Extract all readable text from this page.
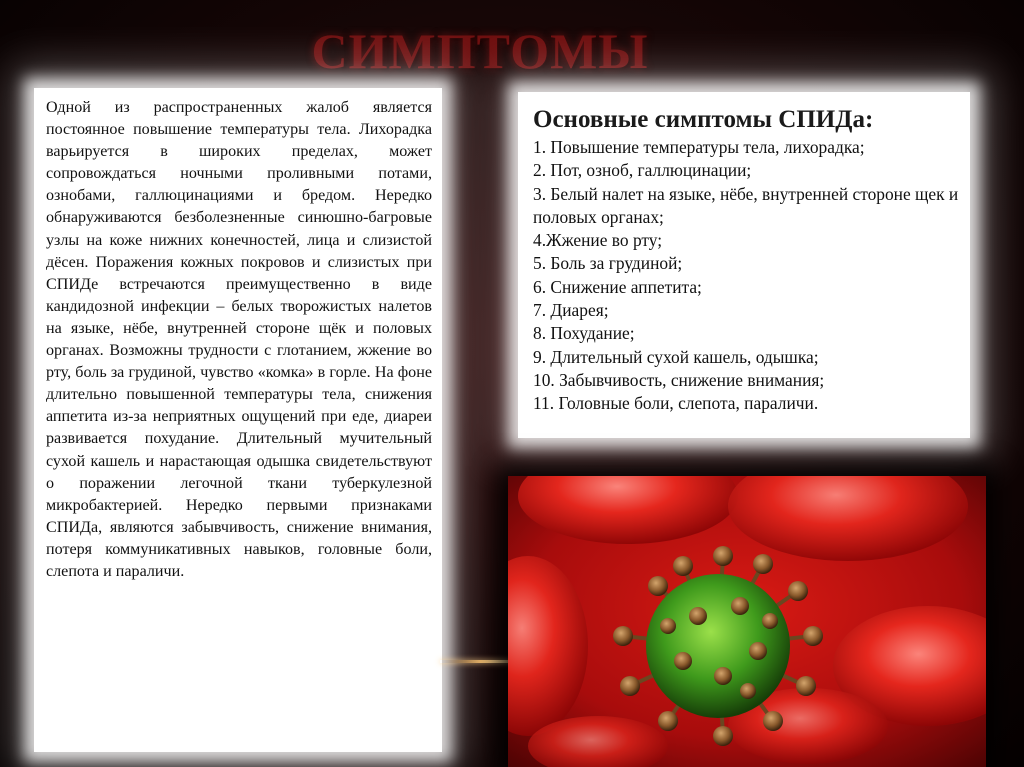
СИМПТОМЫ

Одной из распространенных жалоб является постоянное повышение температуры тела. Лихорадка варьируется в широких пределах, может сопровождаться ночными проливными потами, ознобами, галлюцинациями и бредом. Нередко обнаруживаются безболезненные синюшно-багровые узлы на коже нижних конечностей, лица и слизистой дёсен. Поражения кожных покровов и слизистых при СПИДе встречаются преимущественно в виде кандидозной инфекции – белых творожистых налетов на языке, нёбе, внутренней стороне щёк и половых органах. Возможны трудности с глотанием, жжение во рту, боль за грудиной, чувство «комка» в горле. На фоне длительно повышенной температуры тела, снижения аппетита из-за неприятных ощущений при еде, диареи развивается похудание. Длительный мучительный сухой кашель и нарастающая одышка свидетельствуют о поражении легочной ткани туберкулезной микробактерией. Нередко первыми признаками СПИДа, являются забывчивость, снижение внимания, потеря коммуникативных навыков, головные боли, слепота и параличи.

Основные симптомы СПИДа:
1. Повышение температуры тела, лихорадка;
2. Пот, озноб, галлюцинации;
3. Белый налет на языке, нёбе, внутренней стороне щек и половых органах;
4.Жжение во рту;
5. Боль за грудиной;
6. Снижение аппетита;
7. Диарея;
8. Похудание;
9. Длительный сухой кашель, одышка;
10. Забывчивость, снижение внимания;
11. Головные боли, слепота, параличи.
